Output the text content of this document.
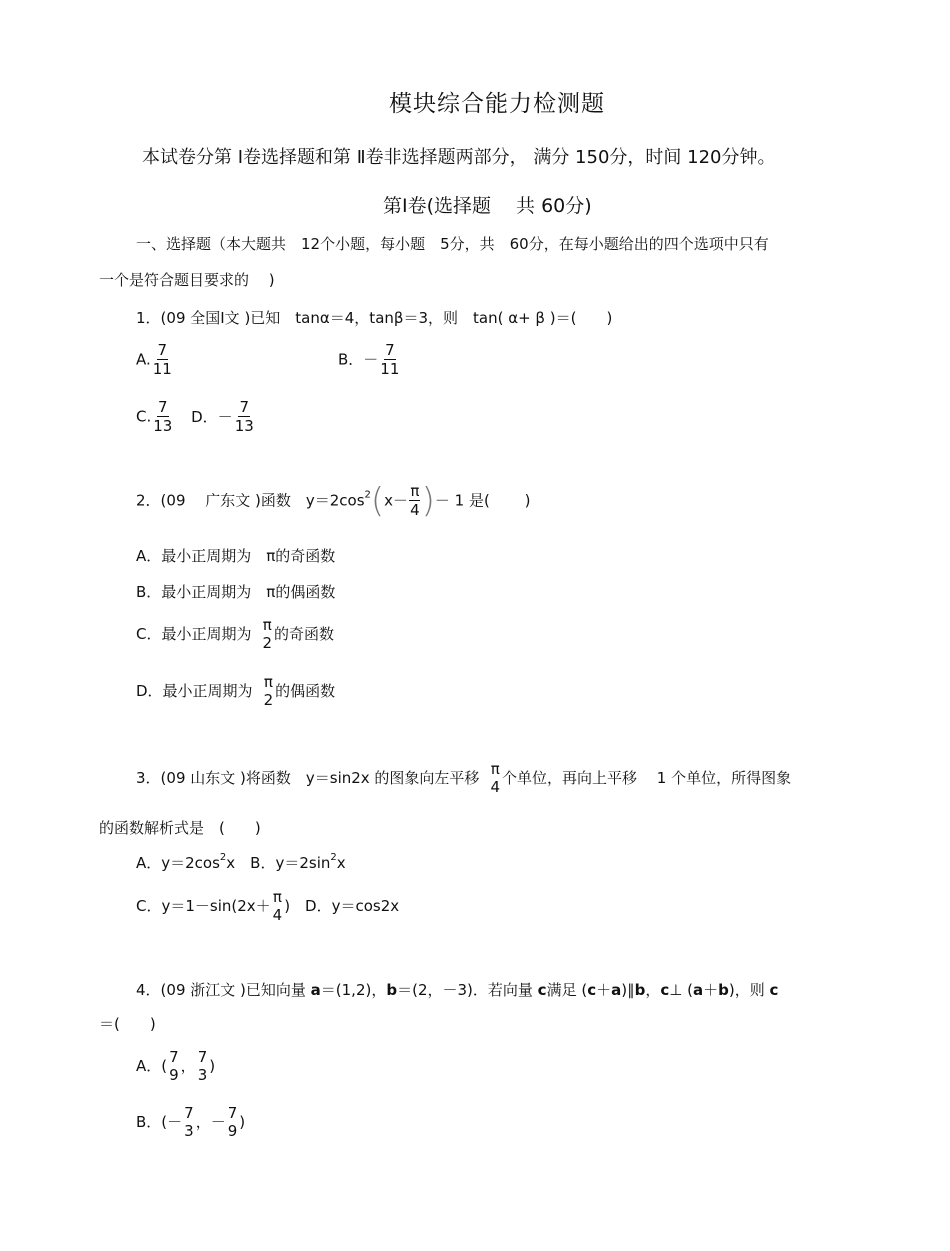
模块综合能力检测题
本试卷分第 Ⅰ卷选择题和第 Ⅱ卷非选择题两部分， 满分 150分，时间 120分钟。
第Ⅰ卷(选择题　 共 60分)
一、选择题（本大题共　12个小题，每小题　5分，共　60分，在每小题给出的四个选项中只有
一个是符合题目要求的　 )
1．(09 全国Ⅰ文 )已知　tanα＝4，tanβ＝3，则　tan( α+ β )＝(　　)
A. $\frac{7}{11}$	B．－ $\frac{7}{11}$
C. $\frac{7}{13}$ D．－ $\frac{7}{13}$
2．(09　 广东文 )函数　$y=2\cos^2(x- \frac{\pi}{4}$ )－ 1 是(　　 )
A．最小正周期为　π的奇函数
B．最小正周期为　π的偶函数
C．最小正周期为 π
2 的奇函数
D．最小正周期为 π
2 的偶函数
3．(09 山东文 )将函数　y＝sin2x 的图象向左平移 π
4 个单位，再向上平移　 1 个单位，所得图象
的函数解析式是　(　　)
A．$y=2\cos^2x$　B．$y=2\sin^2x$
C．y＝1－sin(2x＋ π
4 )　D．y＝cos2x
4．(09 浙江文 )已知向量 a＝(1,2)，b＝(2，－3)．若向量 c满足 (c＋a)∥b，c⊥ (a＋b)，则 c
＝(　　)
A．( 7
9 ， 7
3 )
B．(－ 7
3 ，－ 7
9 )
